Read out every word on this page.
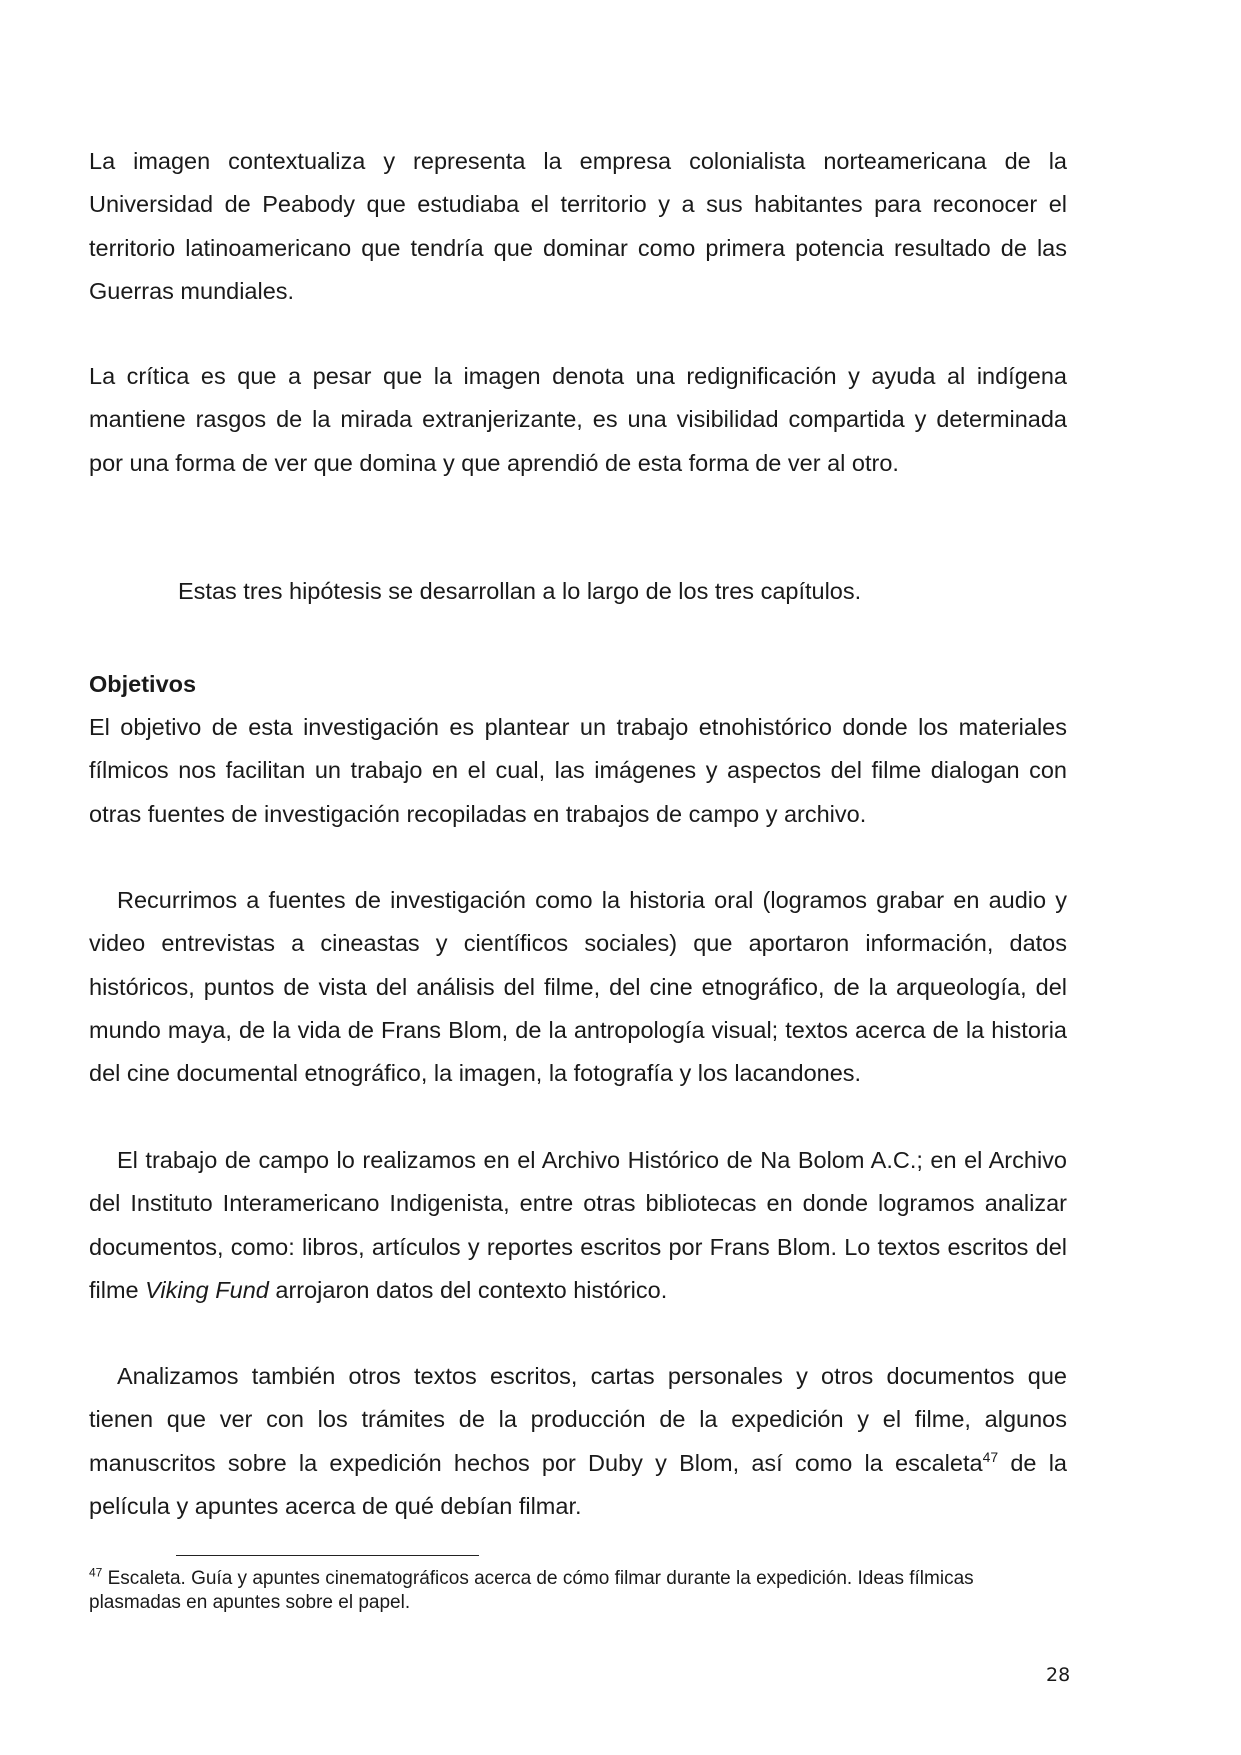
La imagen contextualiza y representa la empresa colonialista norteamericana de la Universidad de Peabody que estudiaba el territorio y a sus habitantes para reconocer el territorio latinoamericano que tendría que dominar como primera potencia resultado de las Guerras mundiales.

La crítica es que a pesar que la imagen denota una redignificación y ayuda al indígena mantiene rasgos de la mirada extranjerizante, es una visibilidad compartida y determinada por una forma de ver que domina y que aprendió de esta forma de ver al otro.

Estas tres hipótesis se desarrollan a lo largo de los tres capítulos.

Objetivos

El objetivo de esta investigación es plantear un trabajo etnohistórico donde los materiales fílmicos nos facilitan un trabajo en el cual, las imágenes y aspectos del filme dialogan con otras fuentes de investigación recopiladas en trabajos de campo y archivo.

Recurrimos a fuentes de investigación como la historia oral (logramos grabar en audio y video entrevistas a cineastas y científicos sociales) que aportaron información, datos históricos, puntos de vista del análisis del filme, del cine etnográfico, de la arqueología, del mundo maya, de la vida de Frans Blom, de la antropología visual; textos acerca de la historia del cine documental etnográfico, la imagen, la fotografía y los lacandones.

El trabajo de campo lo realizamos en el Archivo Histórico de Na Bolom A.C.; en el Archivo del Instituto Interamericano Indigenista, entre otras bibliotecas en donde logramos analizar documentos, como: libros, artículos y reportes escritos por Frans Blom. Lo textos escritos del filme Viking Fund arrojaron datos del contexto histórico.

Analizamos también otros textos escritos, cartas personales y otros documentos que tienen que ver con los trámites de la producción de la expedición y el filme, algunos manuscritos sobre la expedición hechos por Duby y Blom, así como la escaleta$^{47}$ de la película y apuntes acerca de qué debían filmar.

$^{47}$ Escaleta. Guía y apuntes cinematográficos acerca de cómo filmar durante la expedición. Ideas fílmicas plasmadas en apuntes sobre el papel.

28
